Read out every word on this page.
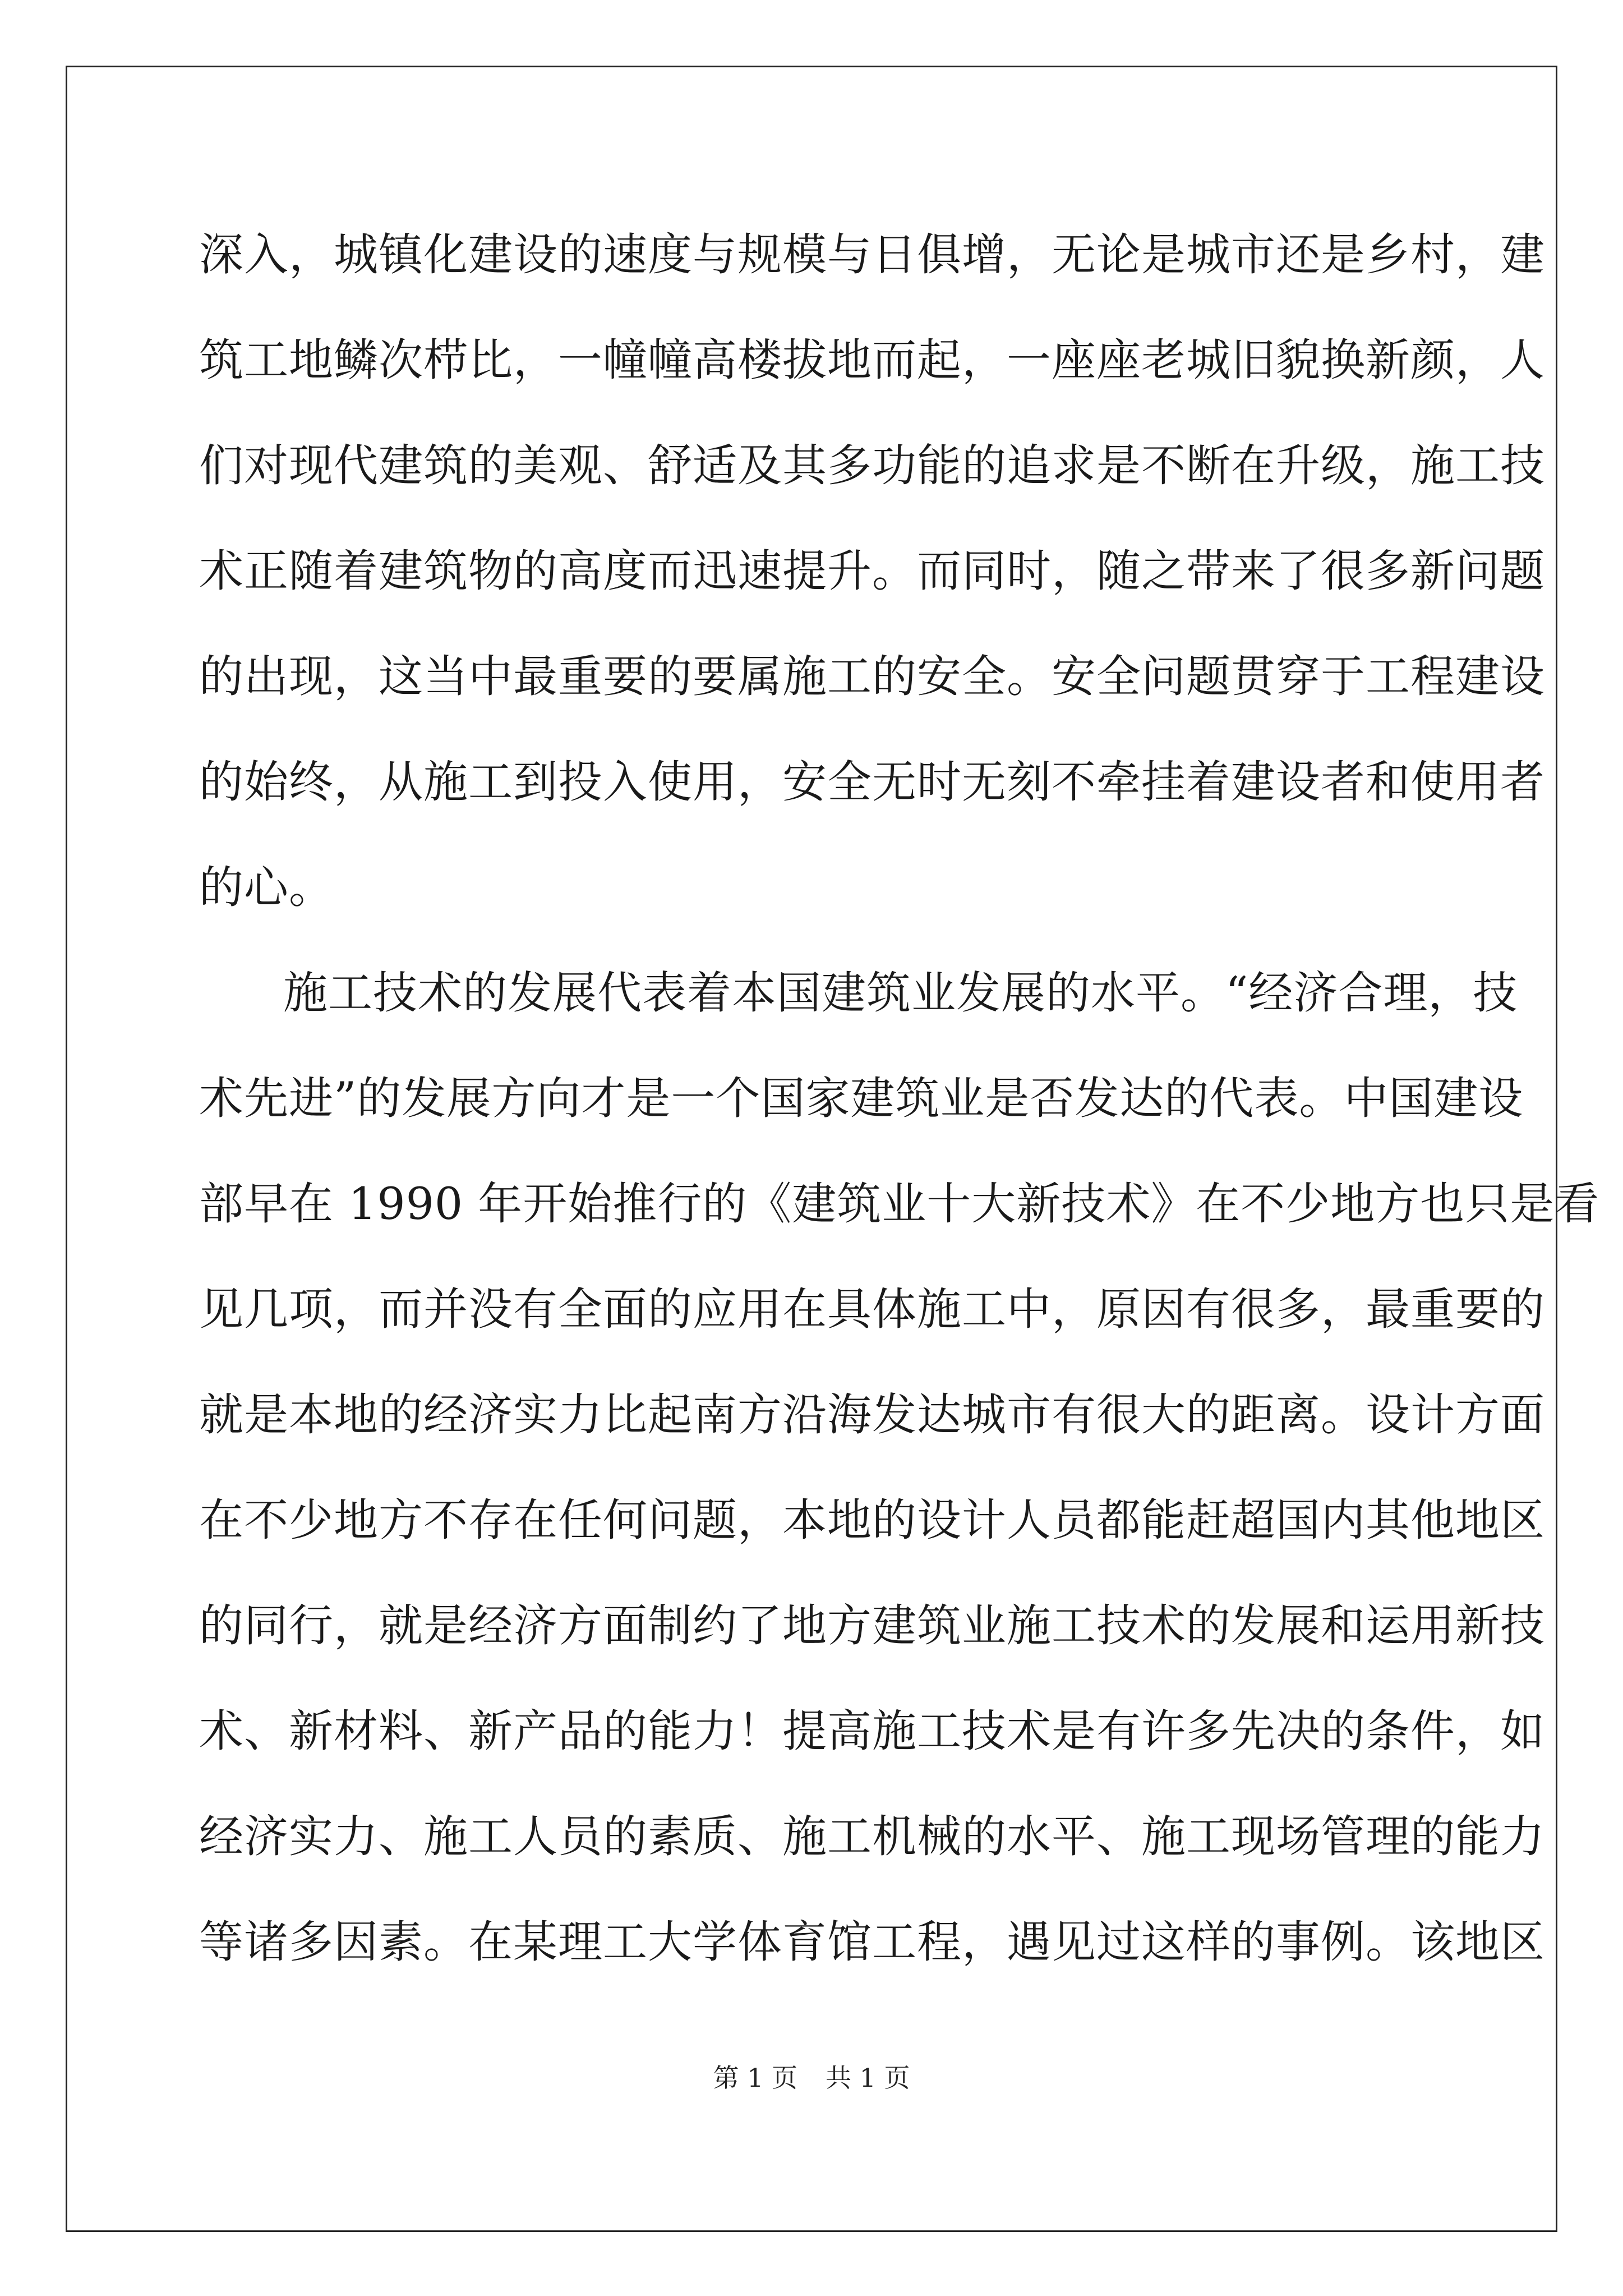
深入，城镇化建设的速度与规模与日俱增，无论是城市还是乡村，建
筑工地鳞次栉比，一幢幢高楼拔地而起，一座座老城旧貌换新颜，人
们对现代建筑的美观、舒适及其多功能的追求是不断在升级，施工技
术正随着建筑物的高度而迅速提升。而同时，随之带来了很多新问题
的出现，这当中最重要的要属施工的安全。安全问题贯穿于工程建设
的始终，从施工到投入使用，安全无时无刻不牵挂着建设者和使用者
的心。
施工技术的发展代表着本国建筑业发展的水平。“经济合理，技
术先进”的发展方向才是一个国家建筑业是否发达的代表。中国建设
部早在 1990 年开始推行的《建筑业十大新技术》在不少地方也只是看
见几项，而并没有全面的应用在具体施工中，原因有很多，最重要的
就是本地的经济实力比起南方沿海发达城市有很大的距离。设计方面
在不少地方不存在任何问题，本地的设计人员都能赶超国内其他地区
的同行，就是经济方面制约了地方建筑业施工技术的发展和运用新技
术、新材料、新产品的能力！提高施工技术是有许多先决的条件，如
经济实力、施工人员的素质、施工机械的水平、施工现场管理的能力
等诸多因素。在某理工大学体育馆工程，遇见过这样的事例。该地区
第 1 页 共 1 页
